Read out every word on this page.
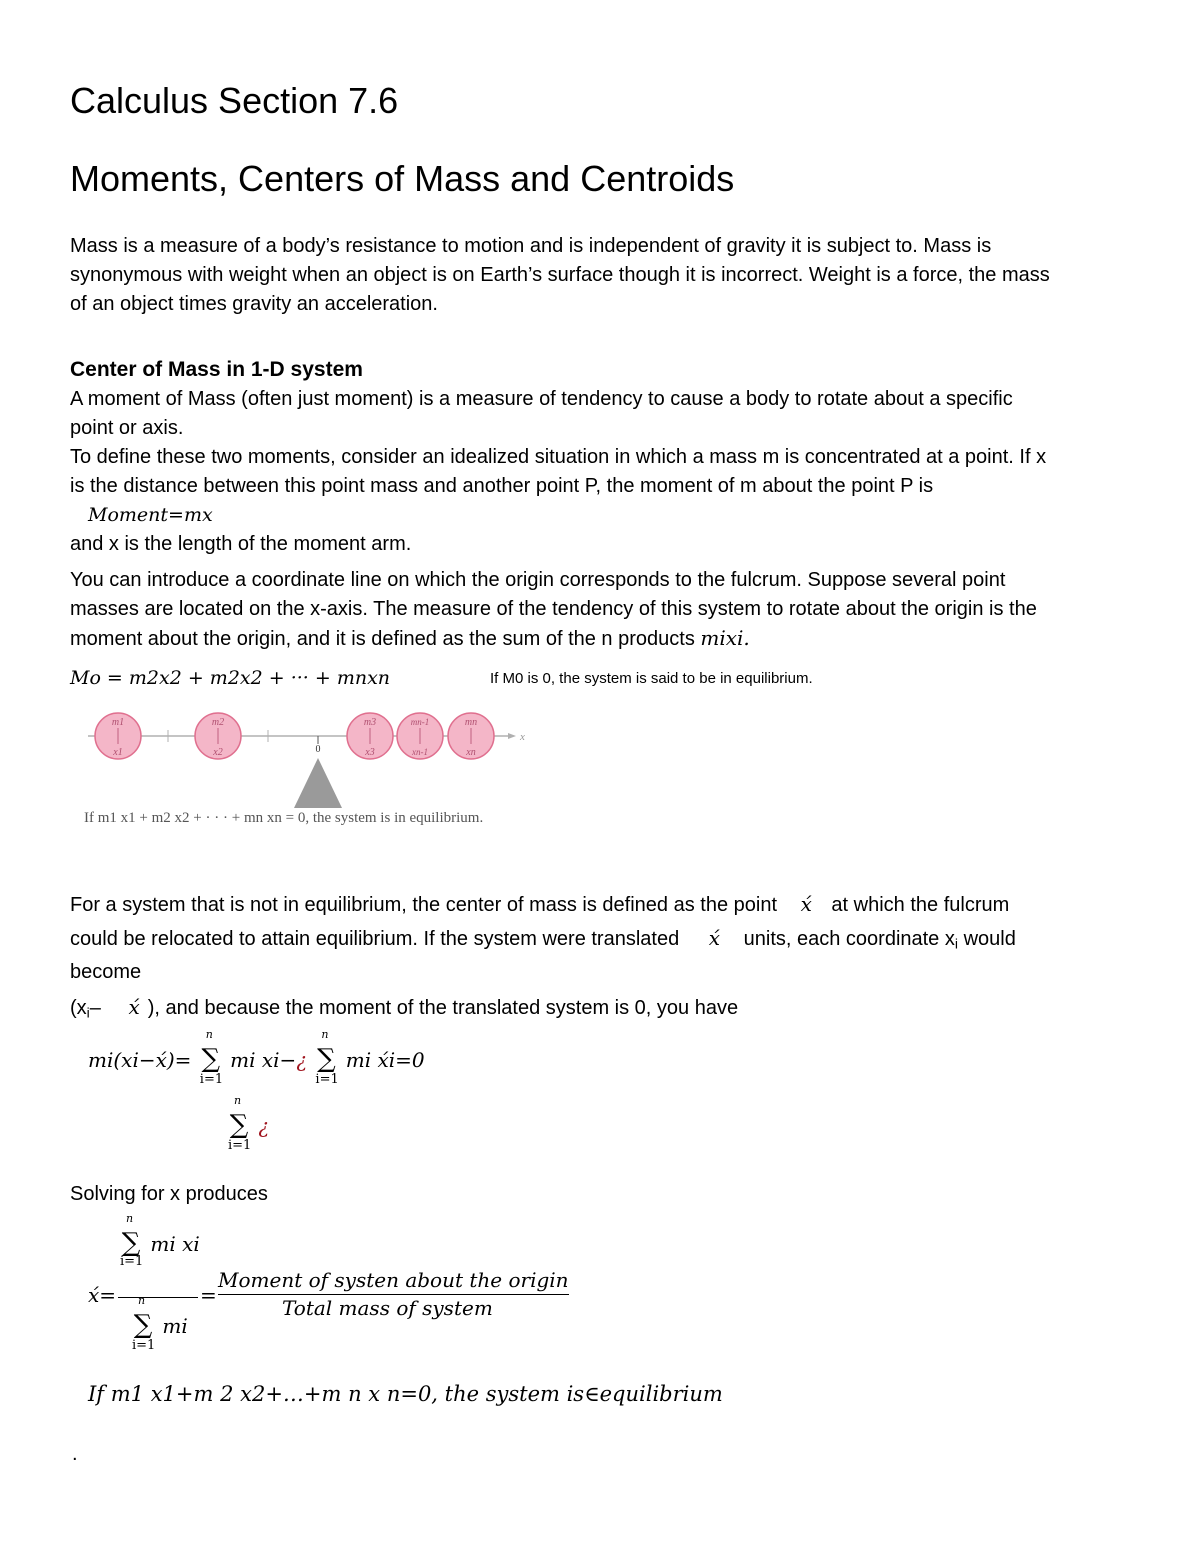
Calculus Section 7.6
Moments, Centers of Mass and Centroids
Mass is a measure of a body’s resistance to motion and is independent of gravity it is subject to. Mass is
synonymous with weight when an object is on Earth’s surface though it is incorrect. Weight is a force, the mass
of an object times gravity an acceleration.
Center of Mass in 1-D system
A moment of Mass (often just moment) is a measure of tendency to cause a body to rotate about a specific
point or axis.
To define these two moments, consider an idealized situation in which a mass m is concentrated at a point. If x
is the distance between this point mass and another point P, the moment of m about the point P is
Moment=mx
and x is the length of the moment arm.
You can introduce a coordinate line on which the origin corresponds to the fulcrum. Suppose several point
masses are located on the x-axis. The measure of the tendency of this system to rotate about the origin is the
moment about the origin, and it is defined as the sum of the n products mixi.
Mo = m2x2 + m2x2 + ··· + mnxn	If M0 is 0, the system is said to be in equilibrium.
x
m1
x1
m2
x2	0
m3
x3
mn-1
xn-1
mn
xn
If m1 x1 + m2 x2 + · · · + mn xn = 0, the system is in equilibrium.
For a system that is not in equilibrium, the center of mass is defined as the point x́ at which the fulcrum
could be relocated to attain equilibrium. If the system were translated x́ units, each coordinate $x_i$ would
become
($x_i-$ x́ ), and because the moment of the translated system is 0, you have
mi(xi−x́)=
n
∑
i=1
mi xi−¿
n
∑
i=1
mi x́i=0
n
∑
i=1
¿
Solving for x produces
x́=
n
∑
i=1
mi xi
n
∑
i=1
mi
=
Moment of systen about the origin
Total mass of system
If m1 x1+m 2 x2+…+m n x n=0, the system is∈equilibrium
.
